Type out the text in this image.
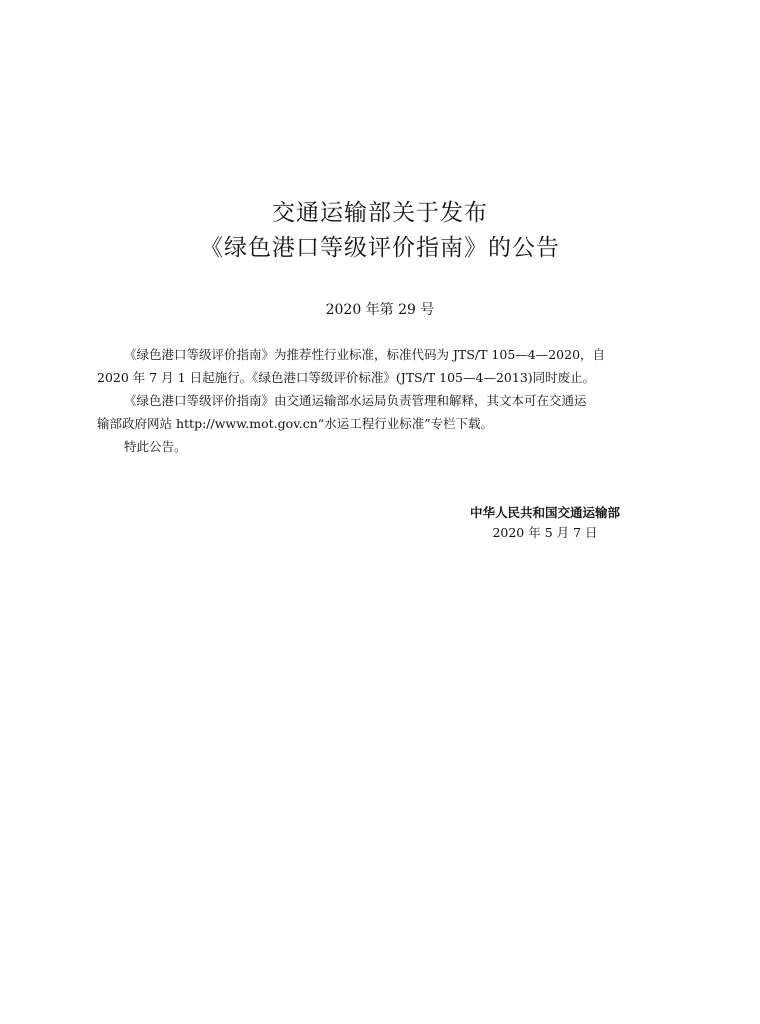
交通运输部关于发布
《绿色港口等级评价指南》的公告
2020 年第 29 号

《绿色港口等级评价指南》为推荐性行业标准，标准代码为 JTS/T 105—4—2020，自

2020 年 7 月 1 日起施行。《绿色港口等级评价标准》(JTS/T 105—4—2013)同时废止。

《绿色港口等级评价指南》由交通运输部水运局负责管理和解释，其文本可在交通运

输部政府网站 http://www.mot.gov.cn“水运工程行业标准”专栏下载。

特此公告。

中华人民共和国交通运输部
2020 年 5 月 7 日
